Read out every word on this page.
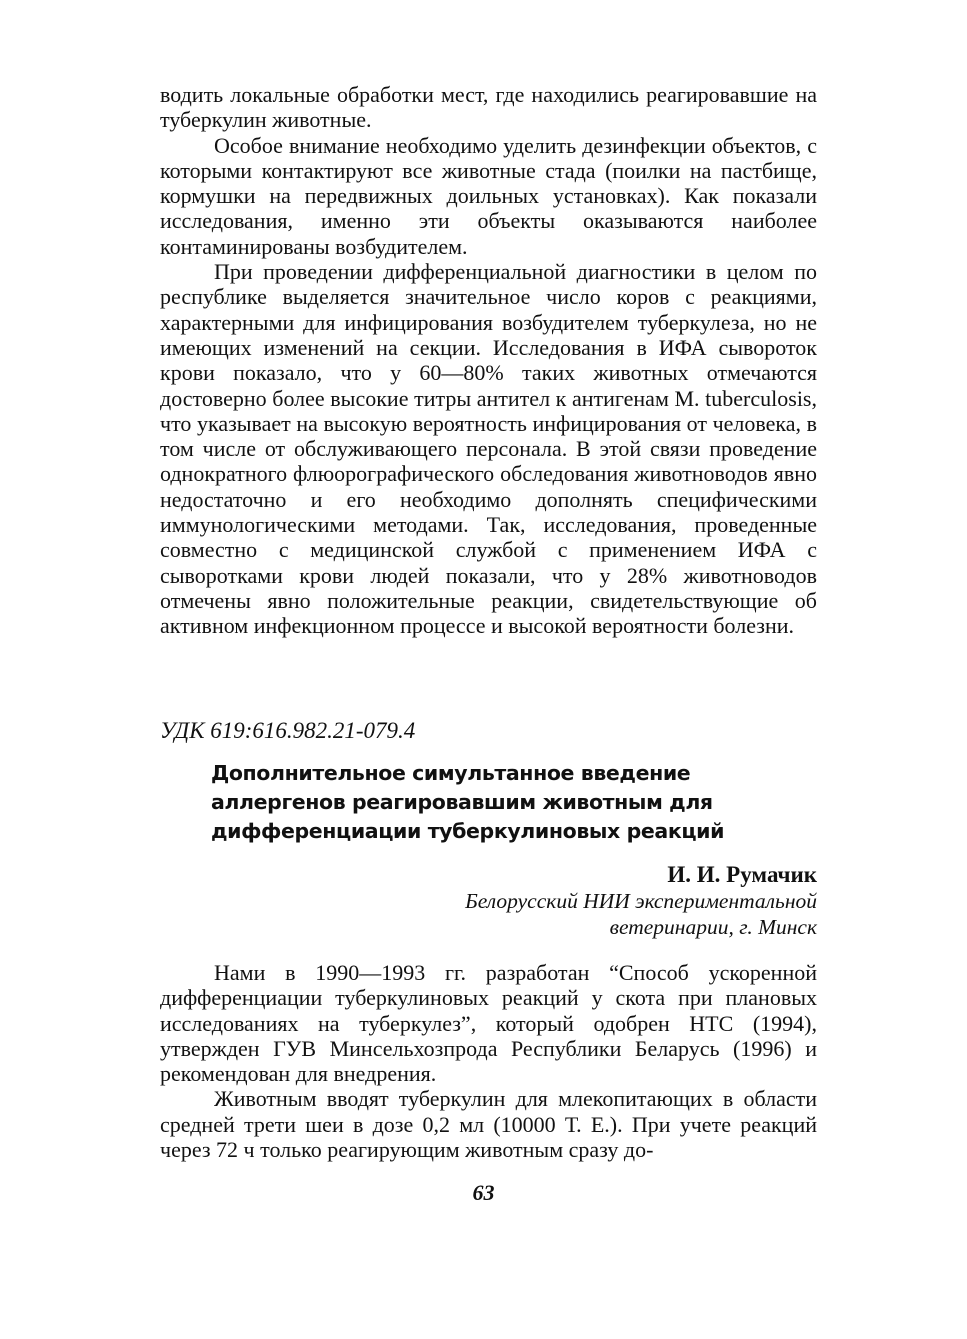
водить локальные обработки мест, где находились реагировавшие на туберкулин животные.

Особое внимание необходимо уделить дезинфекции объектов, с которыми контактируют все животные стада (поилки на пастбище, кормушки на передвижных доильных установках). Как показали исследования, именно эти объекты оказываются наиболее контаминированы возбудителем.

При проведении дифференциальной диагностики в целом по республике выделяется значительное число коров с реакциями, характерными для инфицирования возбудителем туберкулеза, но не имеющих изменений на секции. Исследования в ИФА сывороток крови показало, что у 60—80% таких животных отмечаются достоверно более высокие титры антител к антигенам M. tuberculosis, что указывает на высокую вероятность инфицирования от человека, в том числе от обслуживающего персонала. В этой связи проведение однократного флюорографического обследования животноводов явно недостаточно и его необходимо дополнять специфическими иммунологическими методами. Так, исследования, проведенные совместно с медицинской службой с применением ИФА с сыворотками крови людей показали, что у 28% животноводов отмечены явно положительные реакции, свидетельствующие об активном инфекционном процессе и высокой вероятности болезни.

УДК 619:616.982.21-079.4
Дополнительное симультанное введение аллергенов реагировавшим животным для дифференциации туберкулиновых реакций
И. И. Румачик
Белорусский НИИ экспериментальной ветеринарии, г. Минск

Нами в 1990—1993 гг. разработан “Способ ускоренной дифференциации туберкулиновых реакций у скота при плановых исследованиях на туберкулез”, который одобрен НТС (1994), утвержден ГУВ Минсельхозпрода Республики Беларусь (1996) и рекомендован для внедрения.

Животным вводят туберкулин для млекопитающих в области средней трети шеи в дозе 0,2 мл (10000 Т. Е.). При учете реакций через 72 ч только реагирующим животным сразу до-

63
